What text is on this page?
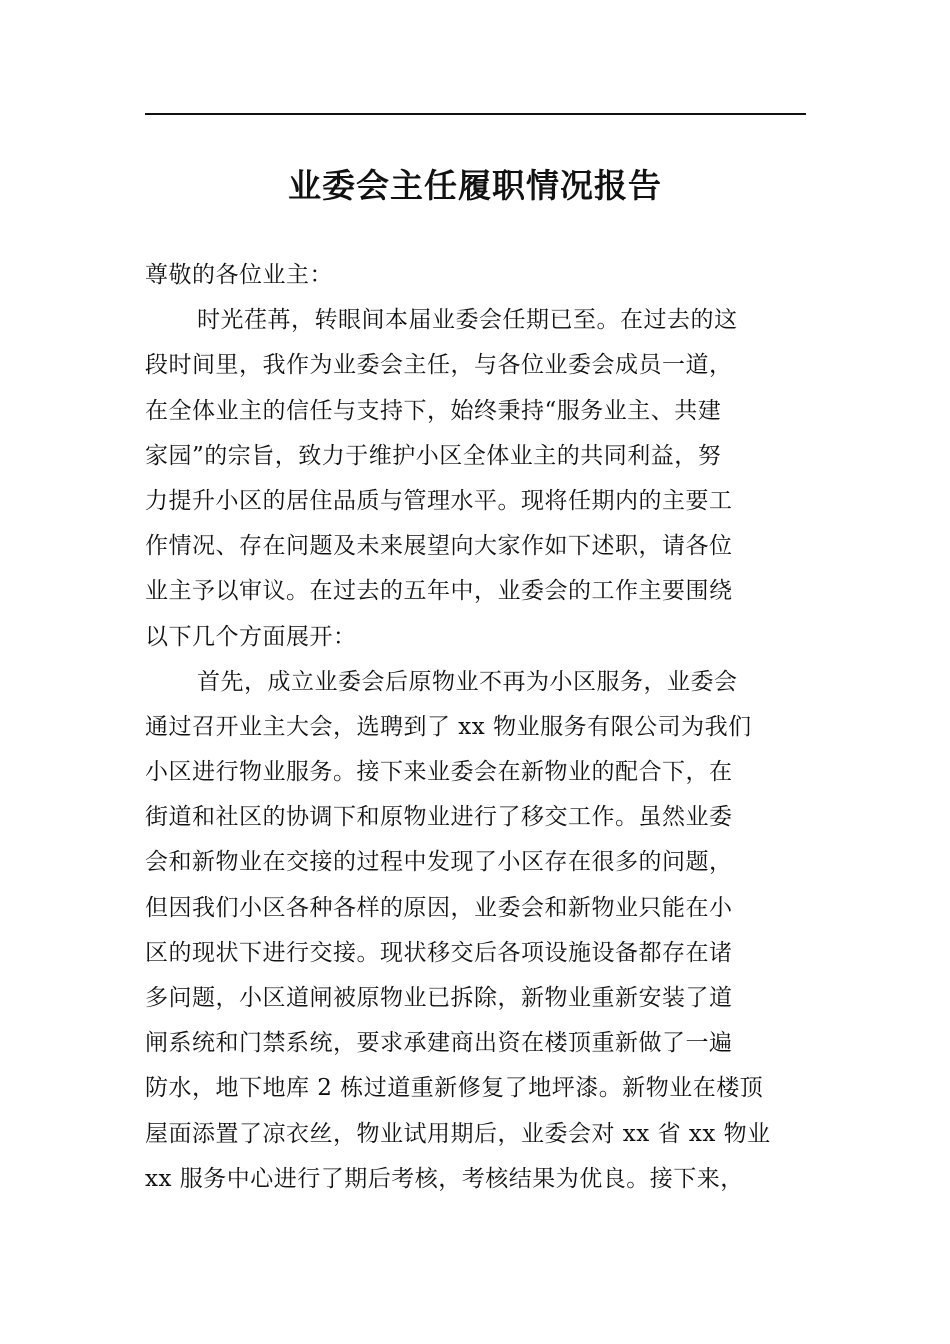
业委会主任履职情况报告
尊敬的各位业主：
时光荏苒，转眼间本届业委会任期已至。在过去的这
段时间里，我作为业委会主任，与各位业委会成员一道，
在全体业主的信任与支持下，始终秉持“服务业主、共建
家园”的宗旨，致力于维护小区全体业主的共同利益，努
力提升小区的居住品质与管理水平。现将任期内的主要工
作情况、存在问题及未来展望向大家作如下述职，请各位
业主予以审议。在过去的五年中，业委会的工作主要围绕
以下几个方面展开：
首先，成立业委会后原物业不再为小区服务，业委会
通过召开业主大会，选聘到了 xx 物业服务有限公司为我们
小区进行物业服务。接下来业委会在新物业的配合下，在
街道和社区的协调下和原物业进行了移交工作。虽然业委
会和新物业在交接的过程中发现了小区存在很多的问题，
但因我们小区各种各样的原因，业委会和新物业只能在小
区的现状下进行交接。现状移交后各项设施设备都存在诸
多问题，小区道闸被原物业已拆除，新物业重新安装了道
闸系统和门禁系统，要求承建商出资在楼顶重新做了一遍
防水，地下地库 2 栋过道重新修复了地坪漆。新物业在楼顶
屋面添置了凉衣丝，物业试用期后，业委会对 xx 省 xx 物业
xx 服务中心进行了期后考核，考核结果为优良。接下来，
